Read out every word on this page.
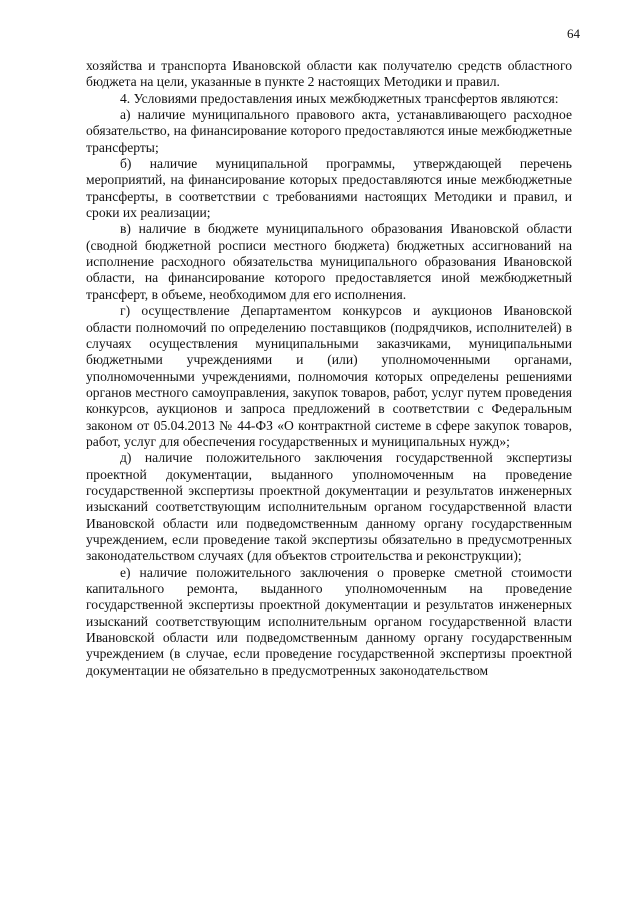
64

хозяйства и транспорта Ивановской области как получателю средств областного бюджета на цели, указанные в пункте 2 настоящих Методики и правил.

4. Условиями предоставления иных межбюджетных трансфертов являются:

а) наличие муниципального правового акта, устанавливающего расходное обязательство, на финансирование которого предоставляются иные межбюджетные трансферты;

б) наличие муниципальной программы, утверждающей перечень мероприятий, на финансирование которых предоставляются иные межбюджетные трансферты, в соответствии с требованиями настоящих Методики и правил, и сроки их реализации;

в) наличие в бюджете муниципального образования Ивановской области (сводной бюджетной росписи местного бюджета) бюджетных ассигнований на исполнение расходного обязательства муниципального образования Ивановской области, на финансирование которого предоставляется иной межбюджетный трансферт, в объеме, необходимом для его исполнения.

г) осуществление Департаментом конкурсов и аукционов Ивановской области полномочий по определению поставщиков (подрядчиков, исполнителей) в случаях осуществления муниципальными заказчиками, муниципальными бюджетными учреждениями и (или) уполномоченными органами, уполномоченными учреждениями, полномочия которых определены решениями органов местного самоуправления, закупок товаров, работ, услуг путем проведения конкурсов, аукционов и запроса предложений в соответствии с Федеральным законом от 05.04.2013 № 44-ФЗ «О контрактной системе в сфере закупок товаров, работ, услуг для обеспечения государственных и муниципальных нужд»;

д) наличие положительного заключения государственной экспертизы проектной документации, выданного уполномоченным на проведение государственной экспертизы проектной документации и результатов инженерных изысканий соответствующим исполнительным органом государственной власти Ивановской области или подведомственным данному органу государственным учреждением, если проведение такой экспертизы обязательно в предусмотренных законодательством случаях (для объектов строительства и реконструкции);

е) наличие положительного заключения о проверке сметной стоимости капитального ремонта, выданного уполномоченным на проведение государственной экспертизы проектной документации и результатов инженерных изысканий соответствующим исполнительным органом государственной власти Ивановской области или подведомственным данному органу государственным учреждением (в случае, если проведение государственной экспертизы проектной документации не обязательно в предусмотренных законодательством
